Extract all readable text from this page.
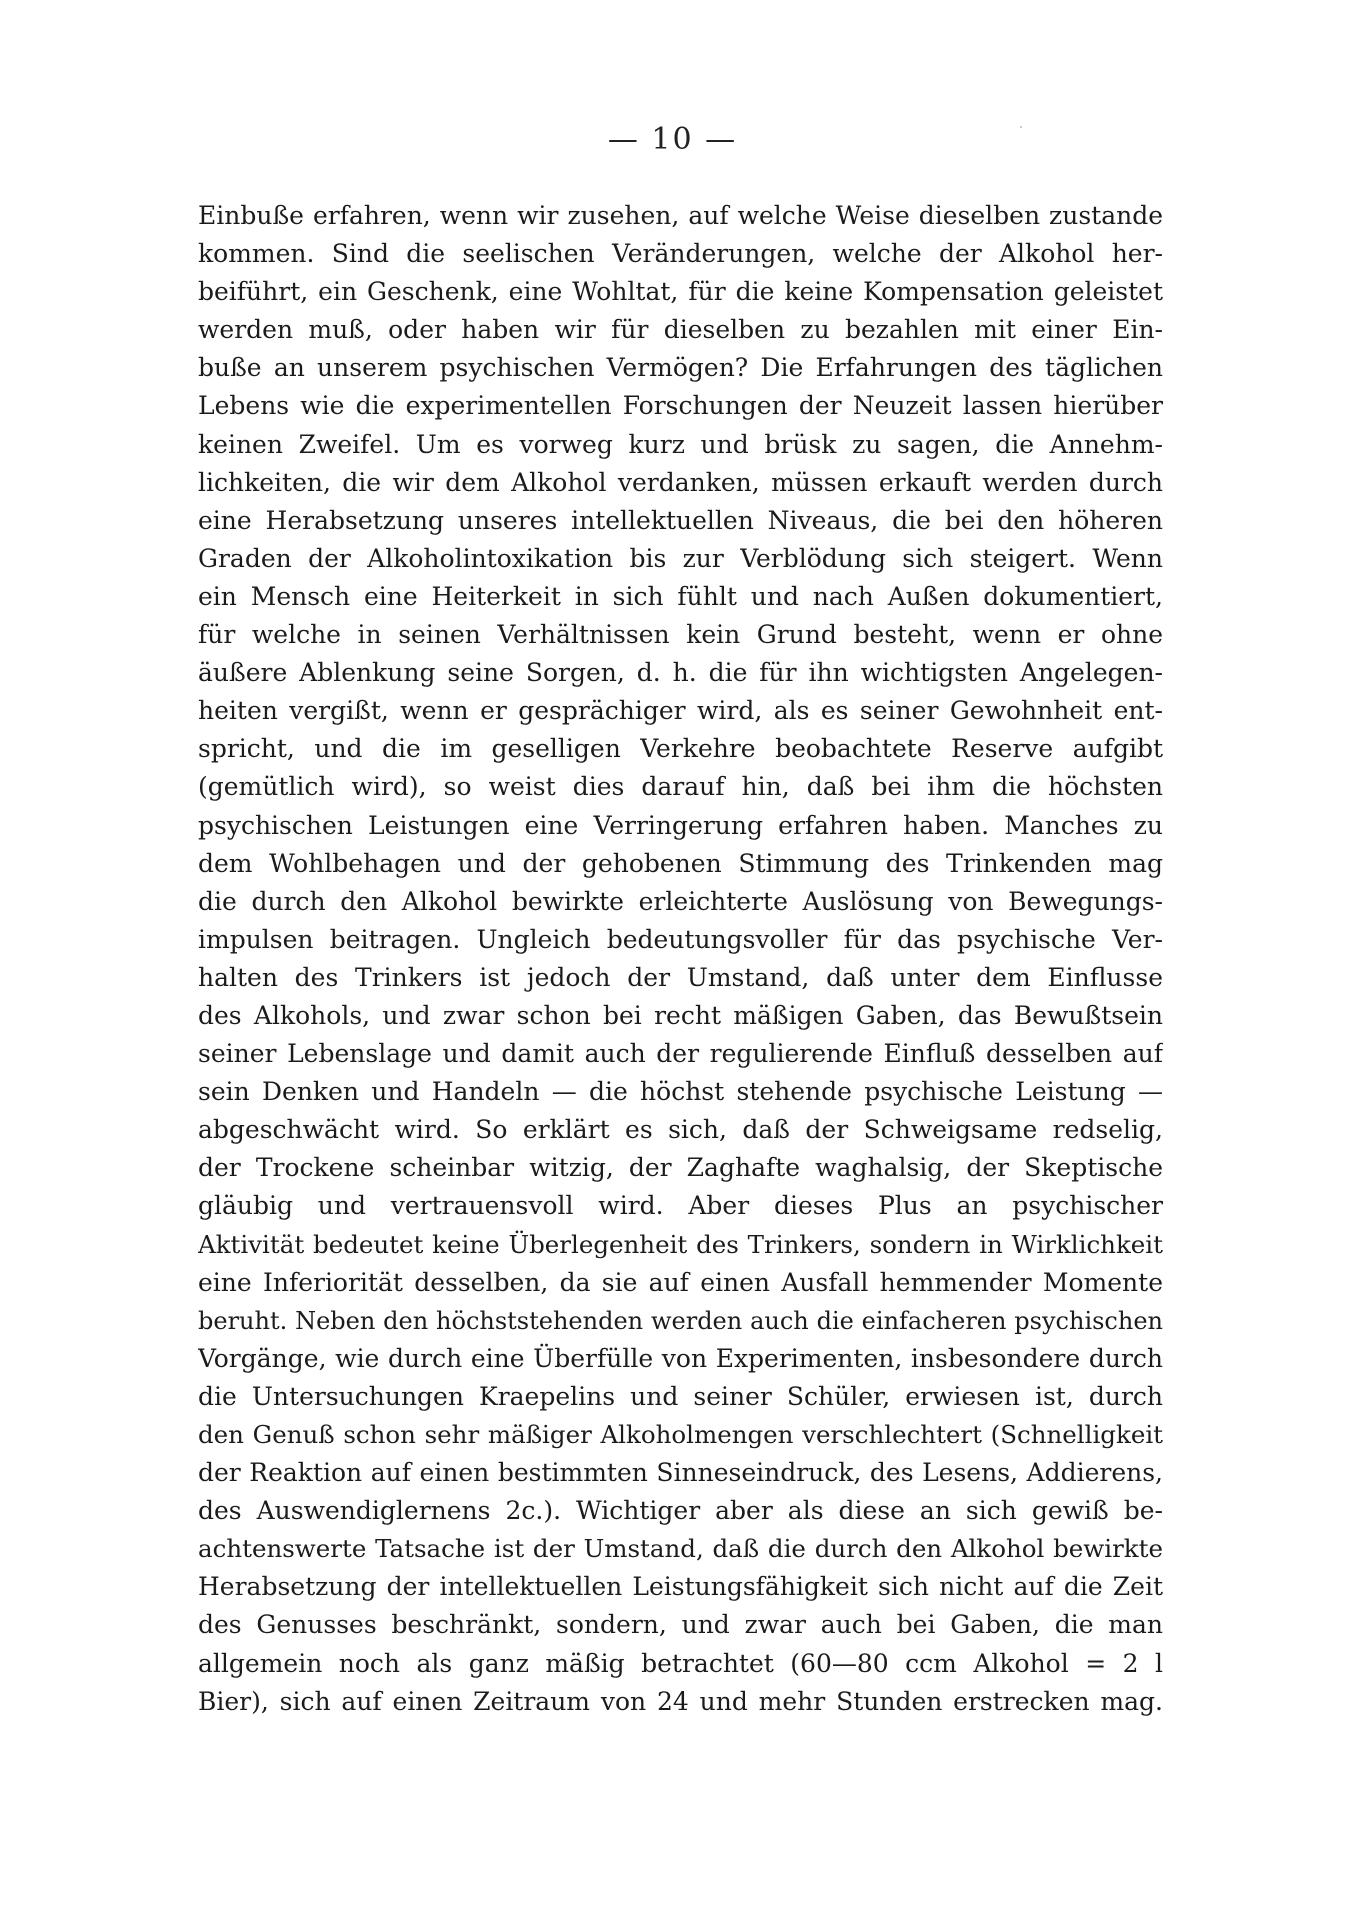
— 10 —
Einbuße erfahren, wenn wir zusehen, auf welche Weise dieselben zustande
kommen. Sind die seelischen Veränderungen, welche der Alkohol her-
beiführt, ein Geschenk, eine Wohltat, für die keine Kompensation geleistet
werden muß, oder haben wir für dieselben zu bezahlen mit einer Ein-
buße an unserem psychischen Vermögen? Die Erfahrungen des täglichen
Lebens wie die experimentellen Forschungen der Neuzeit lassen hierüber
keinen Zweifel. Um es vorweg kurz und brüsk zu sagen, die Annehm-
lichkeiten, die wir dem Alkohol verdanken, müssen erkauft werden durch
eine Herabsetzung unseres intellektuellen Niveaus, die bei den höheren
Graden der Alkoholintoxikation bis zur Verblödung sich steigert. Wenn
ein Mensch eine Heiterkeit in sich fühlt und nach Außen dokumentiert,
für welche in seinen Verhältnissen kein Grund besteht, wenn er ohne
äußere Ablenkung seine Sorgen, d. h. die für ihn wichtigsten Angelegen-
heiten vergißt, wenn er gesprächiger wird, als es seiner Gewohnheit ent-
spricht, und die im geselligen Verkehre beobachtete Reserve aufgibt
(gemütlich wird), so weist dies darauf hin, daß bei ihm die höchsten
psychischen Leistungen eine Verringerung erfahren haben. Manches zu
dem Wohlbehagen und der gehobenen Stimmung des Trinkenden mag
die durch den Alkohol bewirkte erleichterte Auslösung von Bewegungs-
impulsen beitragen. Ungleich bedeutungsvoller für das psychische Ver-
halten des Trinkers ist jedoch der Umstand, daß unter dem Einflusse
des Alkohols, und zwar schon bei recht mäßigen Gaben, das Bewußtsein
seiner Lebenslage und damit auch der regulierende Einfluß desselben auf
sein Denken und Handeln — die höchst stehende psychische Leistung —
abgeschwächt wird. So erklärt es sich, daß der Schweigsame redselig,
der Trockene scheinbar witzig, der Zaghafte waghalsig, der Skeptische
gläubig und vertrauensvoll wird. Aber dieses Plus an psychischer
Aktivität bedeutet keine Überlegenheit des Trinkers, sondern in Wirklichkeit
eine Inferiorität desselben, da sie auf einen Ausfall hemmender Momente
beruht. Neben den höchststehenden werden auch die einfacheren psychischen
Vorgänge, wie durch eine Überfülle von Experimenten, insbesondere durch
die Untersuchungen Kraepelins und seiner Schüler, erwiesen ist, durch
den Genuß schon sehr mäßiger Alkoholmengen verschlechtert (Schnelligkeit
der Reaktion auf einen bestimmten Sinneseindruck, des Lesens, Addierens,
des Auswendiglernens 2c.). Wichtiger aber als diese an sich gewiß be-
achtenswerte Tatsache ist der Umstand, daß die durch den Alkohol bewirkte
Herabsetzung der intellektuellen Leistungsfähigkeit sich nicht auf die Zeit
des Genusses beschränkt, sondern, und zwar auch bei Gaben, die man
allgemein noch als ganz mäßig betrachtet (60—80 ccm Alkohol = 2 l
Bier), sich auf einen Zeitraum von 24 und mehr Stunden erstrecken mag.
